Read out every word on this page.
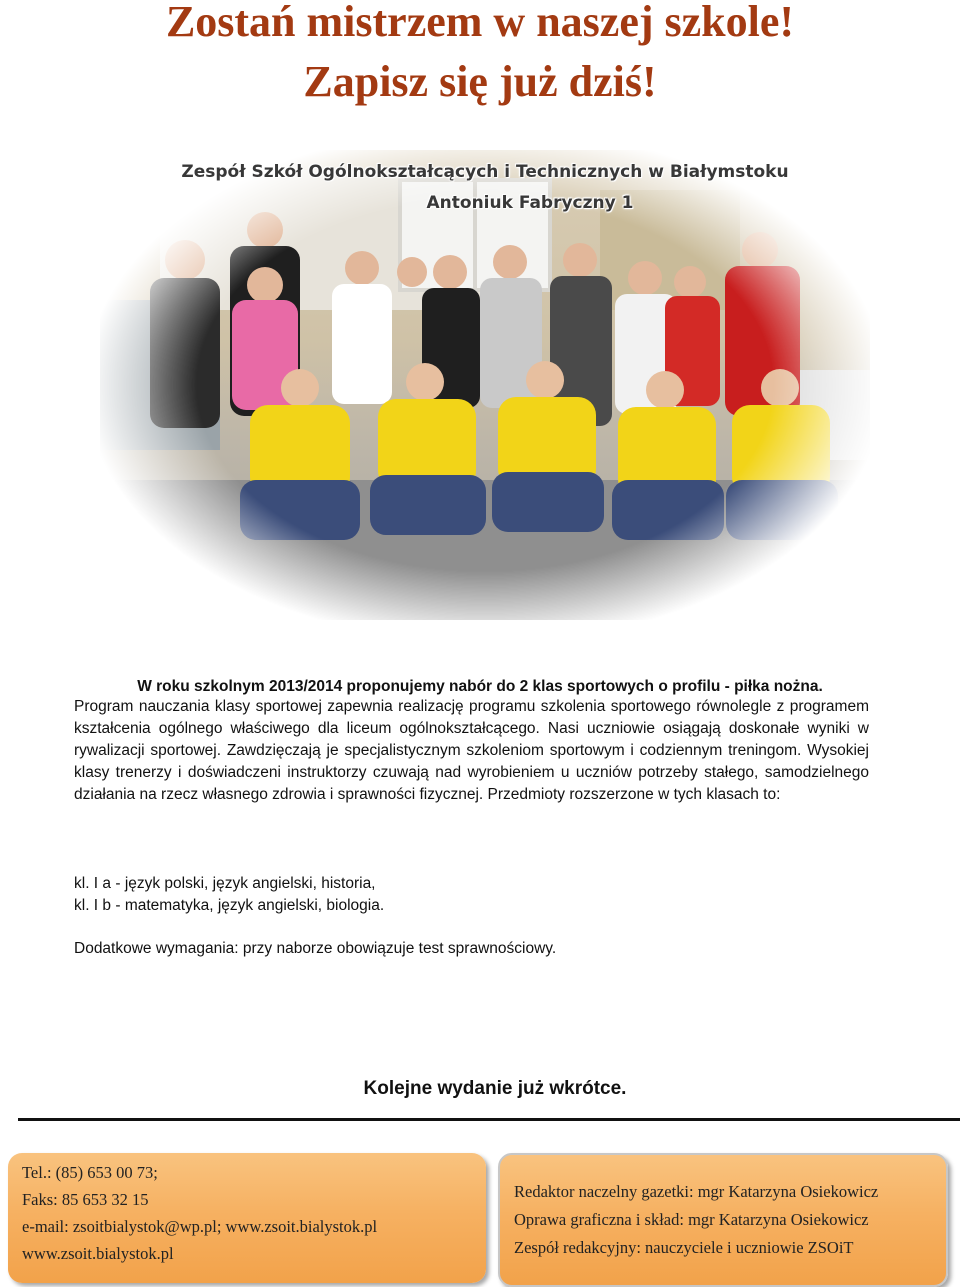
Zostań mistrzem w naszej szkole!
Zapisz się już dziś!
Zespół Szkół Ogólnokształcących i Technicznych w Białymstoku
Antoniuk Fabryczny 1
W roku szkolnym 2013/2014 proponujemy nabór do 2 klas sportowych o profilu - piłka nożna.

Program nauczania klasy sportowej zapewnia realizację programu szkolenia sportowego równolegle z programem kształcenia ogólnego właściwego dla liceum ogólnokształcącego. Nasi uczniowie osiągają doskonałe wyniki w rywalizacji sportowej. Zawdzięczają je specjalistycznym szkoleniom sportowym i codziennym treningom. Wysokiej klasy trenerzy i doświadczeni instruktorzy czuwają nad wyrobieniem u uczniów potrzeby stałego, samodzielnego działania na rzecz własnego zdrowia i sprawności fizycznej. Przedmioty rozszerzone w tych klasach to:

kl. I a - język polski, język angielski, historia,
kl. I b - matematyka, język angielski, biologia.
Dodatkowe wymagania: przy naborze obowiązuje test sprawnościowy.
Kolejne wydanie już wkrótce.
Tel.: (85) 653 00 73;
Faks: 85 653 32 15
e-mail: zsoitbialystok@wp.pl; www.zsoit.bialystok.pl
www.zsoit.bialystok.pl
Redaktor naczelny gazetki: mgr Katarzyna Osiekowicz
Oprawa graficzna i skład: mgr Katarzyna Osiekowicz
Zespół redakcyjny: nauczyciele i uczniowie ZSOiT
